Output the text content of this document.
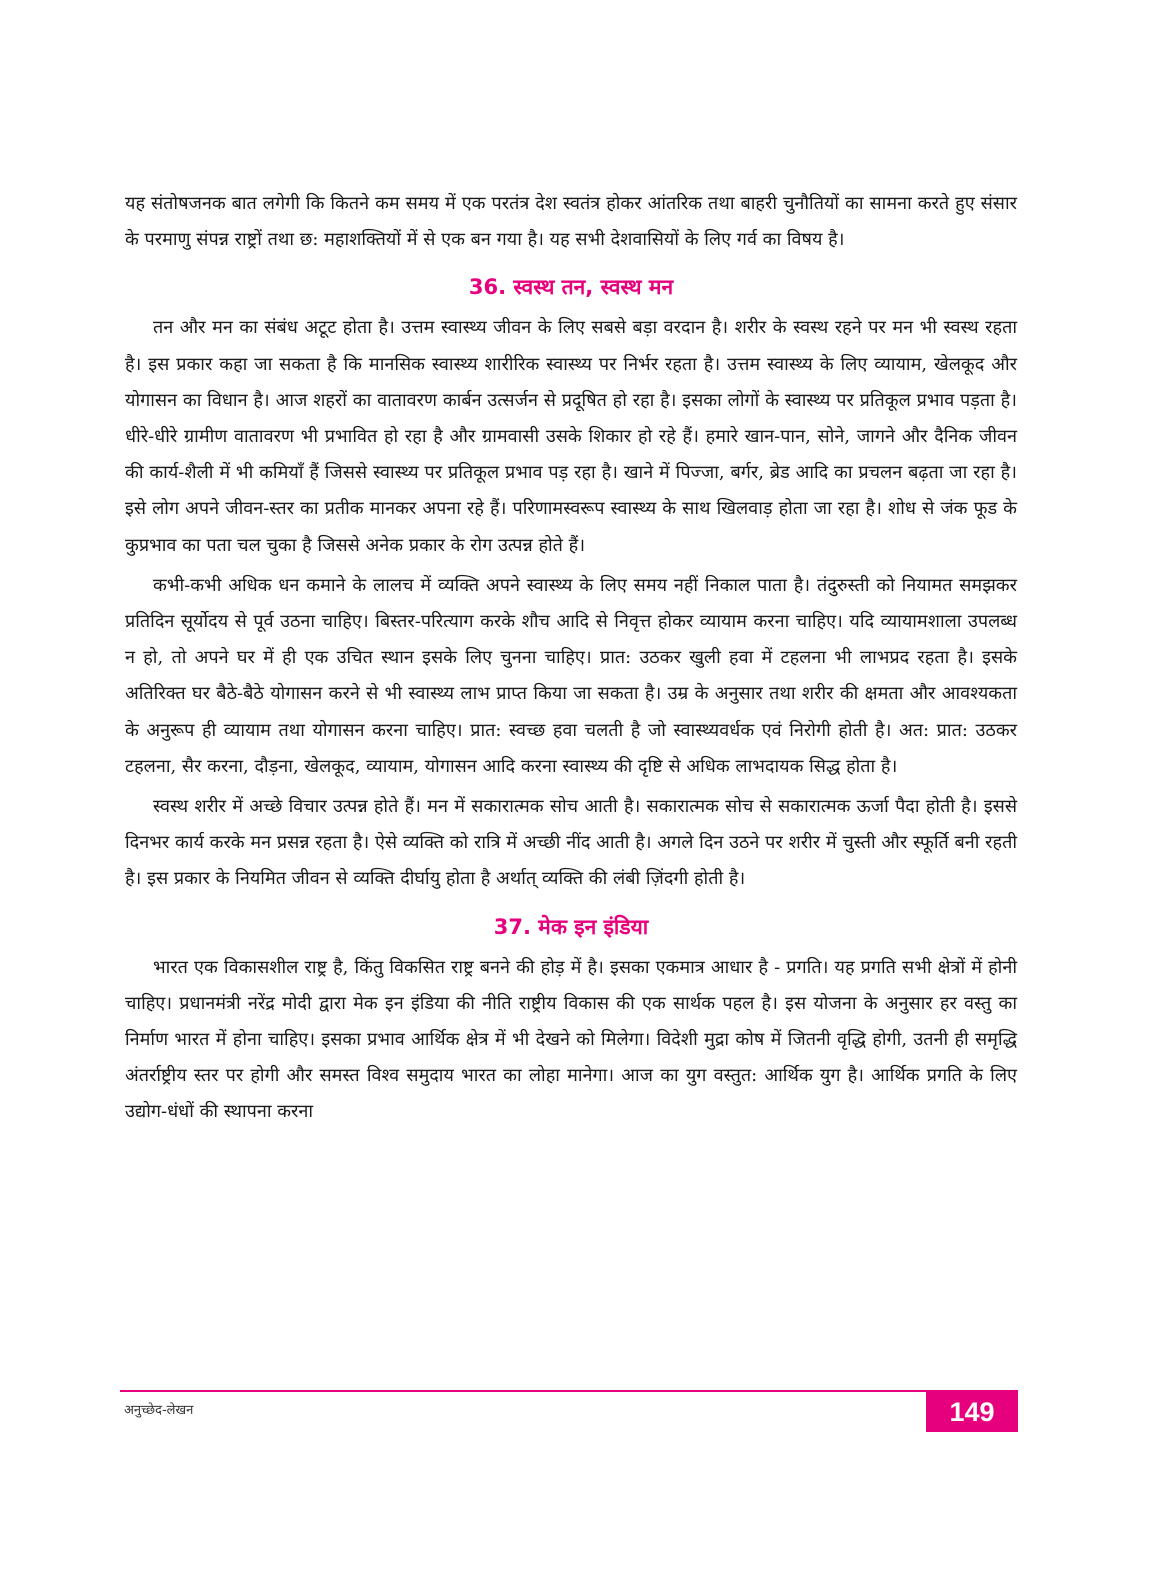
यह संतोषजनक बात लगेगी कि कितने कम समय में एक परतंत्र देश स्वतंत्र होकर आंतरिक तथा बाहरी चुनौतियों का सामना करते हुए संसार के परमाणु संपन्न राष्ट्रों तथा छ: महाशक्तियों में से एक बन गया है। यह सभी देशवासियों के लिए गर्व का विषय है।

36. स्वस्थ तन, स्वस्थ मन

तन और मन का संबंध अटूट होता है। उत्तम स्वास्थ्य जीवन के लिए सबसे बड़ा वरदान है। शरीर के स्वस्थ रहने पर मन भी स्वस्थ रहता है। इस प्रकार कहा जा सकता है कि मानसिक स्वास्थ्य शारीरिक स्वास्थ्य पर निर्भर रहता है। उत्तम स्वास्थ्य के लिए व्यायाम, खेलकूद और योगासन का विधान है। आज शहरों का वातावरण कार्बन उत्सर्जन से प्रदूषित हो रहा है। इसका लोगों के स्वास्थ्य पर प्रतिकूल प्रभाव पड़ता है। धीरे-धीरे ग्रामीण वातावरण भी प्रभावित हो रहा है और ग्रामवासी उसके शिकार हो रहे हैं। हमारे खान-पान, सोने, जागने और दैनिक जीवन की कार्य-शैली में भी कमियाँ हैं जिससे स्वास्थ्य पर प्रतिकूल प्रभाव पड़ रहा है। खाने में पिज्जा, बर्गर, ब्रेड आदि का प्रचलन बढ़ता जा रहा है। इसे लोग अपने जीवन-स्तर का प्रतीक मानकर अपना रहे हैं। परिणामस्वरूप स्वास्थ्य के साथ खिलवाड़ होता जा रहा है। शोध से जंक फूड के कुप्रभाव का पता चल चुका है जिससे अनेक प्रकार के रोग उत्पन्न होते हैं।

कभी-कभी अधिक धन कमाने के लालच में व्यक्ति अपने स्वास्थ्य के लिए समय नहीं निकाल पाता है। तंदुरुस्ती को नियामत समझकर प्रतिदिन सूर्योदय से पूर्व उठना चाहिए। बिस्तर-परित्याग करके शौच आदि से निवृत्त होकर व्यायाम करना चाहिए। यदि व्यायामशाला उपलब्ध न हो, तो अपने घर में ही एक उचित स्थान इसके लिए चुनना चाहिए। प्रात: उठकर खुली हवा में टहलना भी लाभप्रद रहता है। इसके अतिरिक्त घर बैठे-बैठे योगासन करने से भी स्वास्थ्य लाभ प्राप्त किया जा सकता है। उम्र के अनुसार तथा शरीर की क्षमता और आवश्यकता के अनुरूप ही व्यायाम तथा योगासन करना चाहिए। प्रात: स्वच्छ हवा चलती है जो स्वास्थ्यवर्धक एवं निरोगी होती है। अत: प्रात: उठकर टहलना, सैर करना, दौड़ना, खेलकूद, व्यायाम, योगासन आदि करना स्वास्थ्य की दृष्टि से अधिक लाभदायक सिद्ध होता है।

स्वस्थ शरीर में अच्छे विचार उत्पन्न होते हैं। मन में सकारात्मक सोच आती है। सकारात्मक सोच से सकारात्मक ऊर्जा पैदा होती है। इससे दिनभर कार्य करके मन प्रसन्न रहता है। ऐसे व्यक्ति को रात्रि में अच्छी नींद आती है। अगले दिन उठने पर शरीर में चुस्ती और स्फूर्ति बनी रहती है। इस प्रकार के नियमित जीवन से व्यक्ति दीर्घायु होता है अर्थात् व्यक्ति की लंबी ज़िंदगी होती है।

37. मेक इन इंडिया

भारत एक विकासशील राष्ट्र है, किंतु विकसित राष्ट्र बनने की होड़ में है। इसका एकमात्र आधार है - प्रगति। यह प्रगति सभी क्षेत्रों में होनी चाहिए। प्रधानमंत्री नरेंद्र मोदी द्वारा मेक इन इंडिया की नीति राष्ट्रीय विकास की एक सार्थक पहल है। इस योजना के अनुसार हर वस्तु का निर्माण भारत में होना चाहिए। इसका प्रभाव आर्थिक क्षेत्र में भी देखने को मिलेगा। विदेशी मुद्रा कोष में जितनी वृद्धि होगी, उतनी ही समृद्धि अंतर्राष्ट्रीय स्तर पर होगी और समस्त विश्व समुदाय भारत का लोहा मानेगा। आज का युग वस्तुत: आर्थिक युग है। आर्थिक प्रगति के लिए उद्योग-धंधों की स्थापना करना

अनुच्छेद-लेखन	149
